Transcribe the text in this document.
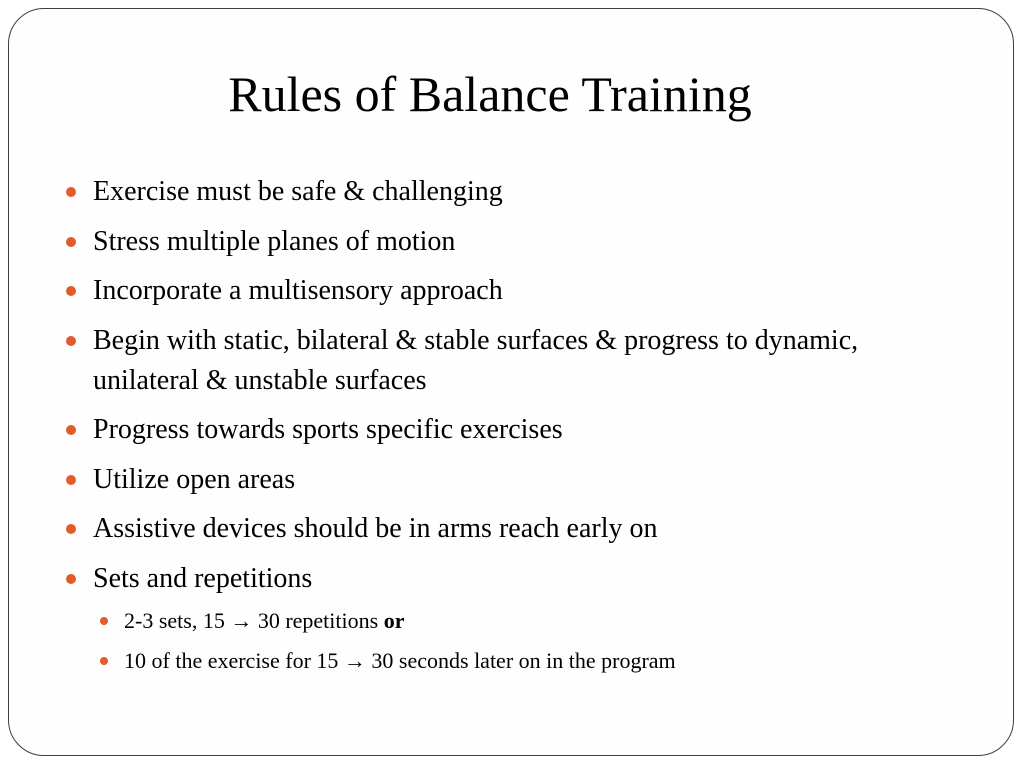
Rules of Balance Training
Exercise must be safe & challenging
Stress multiple planes of motion
Incorporate a multisensory approach
Begin with static, bilateral & stable surfaces & progress to dynamic, unilateral & unstable surfaces
Progress towards sports specific exercises
Utilize open areas
Assistive devices should be in arms reach early on
Sets and repetitions
2-3 sets, 15 → 30 repetitions or
10 of the exercise for 15 → 30 seconds later on in the program
